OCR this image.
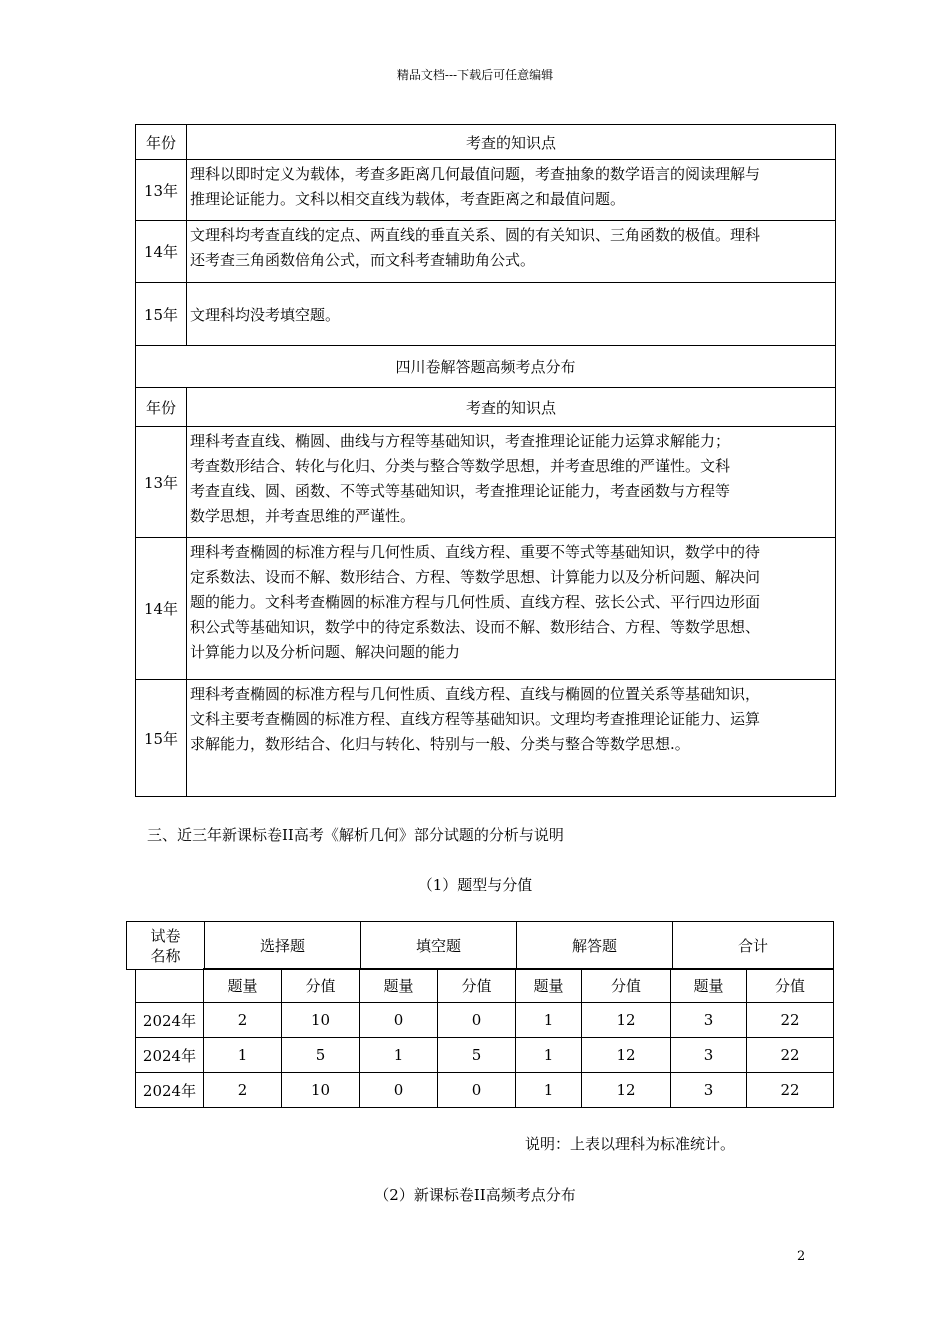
精品文档---下载后可任意编辑
年份	考查的知识点
13年	理科以即时定义为载体，考查多距离几何最值问题，考查抽象的数学语言的阅读理解与
推理论证能力。文科以相交直线为载体，考查距离之和最值问题。

14年	文理科均考查直线的定点、两直线的垂直关系、圆的有关知识、三角函数的极值。理科
还考查三角函数倍角公式，而文科考查辅助角公式。

15年	文理科均没考填空题。

四川卷解答题高频考点分布	
年份	考查的知识点
13年	理科考查直线、椭圆、曲线与方程等基础知识，考查推理论证能力运算求解能力；
考查数形结合、转化与化归、分类与整合等数学思想，并考查思维的严谨性。文科
考查直线、圆、函数、不等式等基础知识，考查推理论证能力，考查函数与方程等
数学思想，并考查思维的严谨性。

14年	理科考查椭圆的标准方程与几何性质、直线方程、重要不等式等基础知识，数学中的待
定系数法、设而不解、数形结合、方程、等数学思想、计算能力以及分析问题、解决问
题的能力。文科考查椭圆的标准方程与几何性质、直线方程、弦长公式、平行四边形面
积公式等基础知识，数学中的待定系数法、设而不解、数形结合、方程、等数学思想、
计算能力以及分析问题、解决问题的能力

15年	理科考查椭圆的标准方程与几何性质、直线方程、直线与椭圆的位置关系等基础知识，
文科主要考查椭圆的标准方程、直线方程等基础知识。文理均考查推理论证能力、运算
求解能力，数形结合、化归与转化、特别与一般、分类与整合等数学思想.。
三、近三年新课标卷II高考《解析几何》部分试题的分析与说明
（1）题型与分值
试卷
名称
	选择题	填空题	解答题	合计
	题量	分值	题量	分值	题量	分值	题量	分值
2024年	2	10	0	0	1	12	3	22
2024年	1	5	1	5	1	12	3	22
2024年	2	10	0	0	1	12	3	22
说明：上表以理科为标准统计。
（2）新课标卷II高频考点分布
2
